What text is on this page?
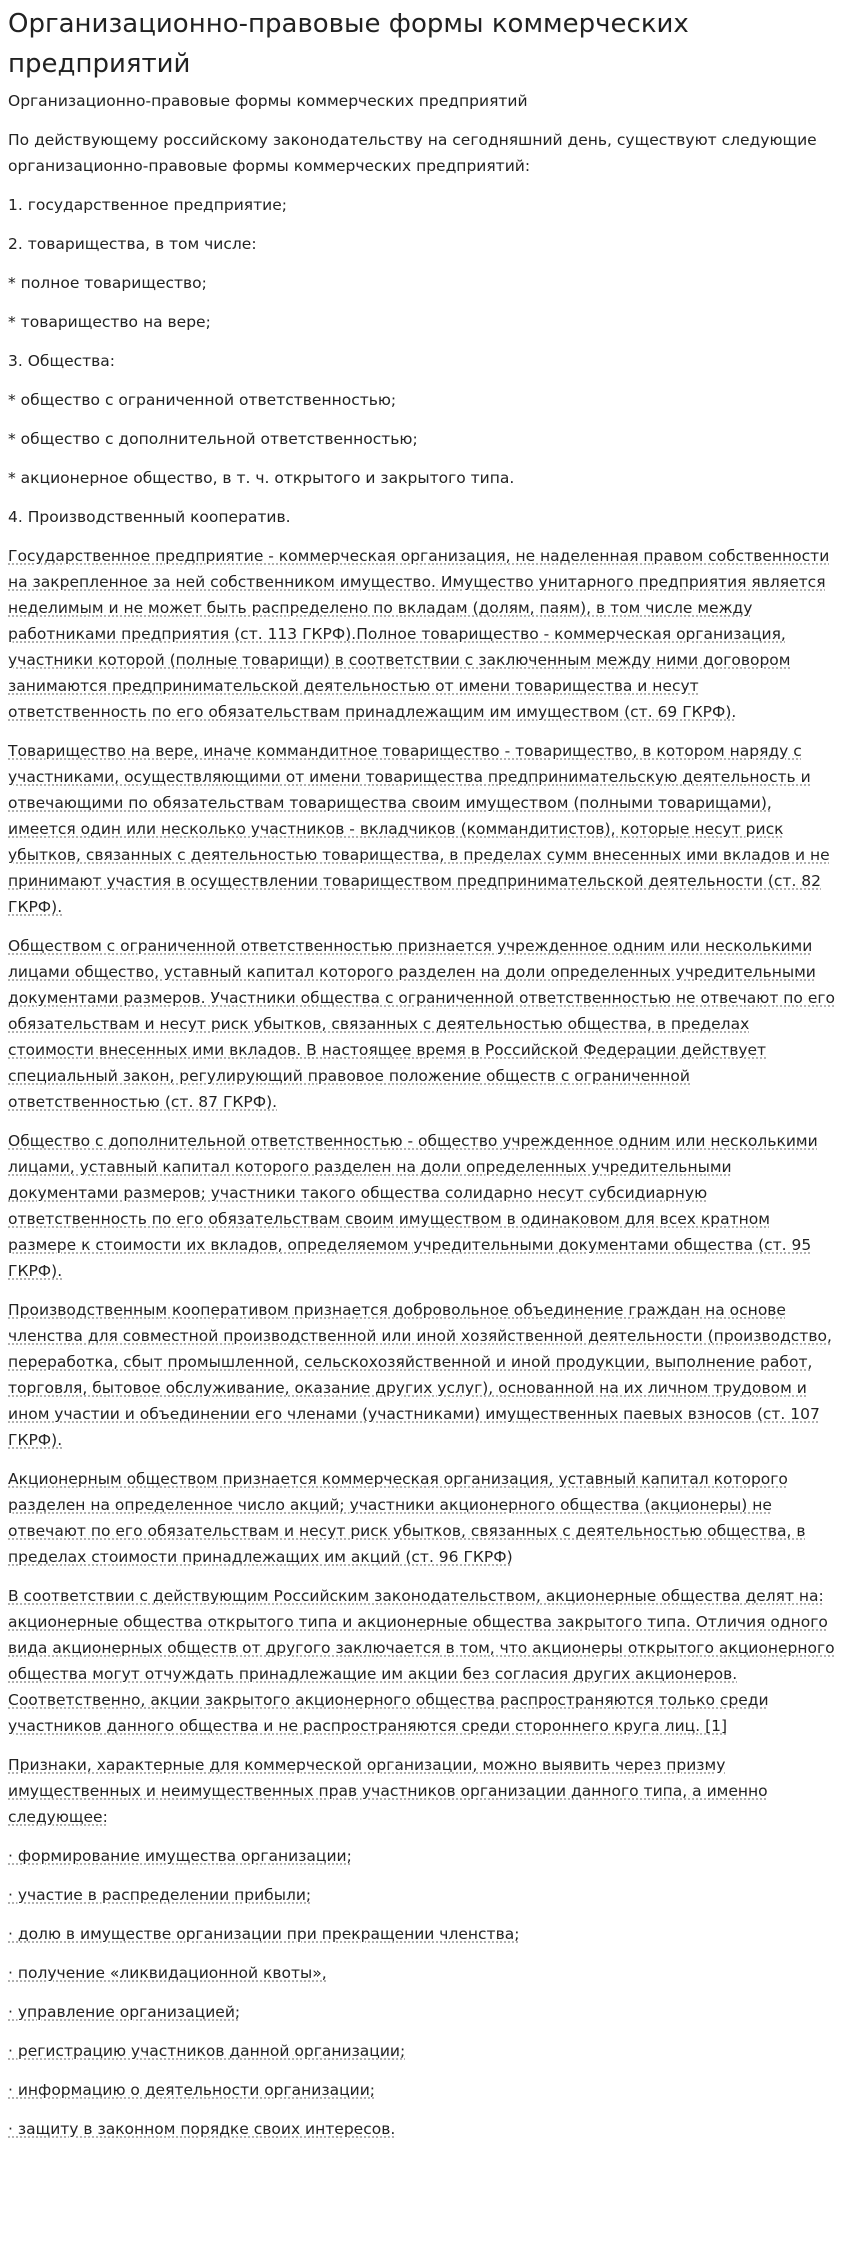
Организационно-правовые формы коммерческих предприятий

Организационно-правовые формы коммерческих предприятий

По действующему российскому законодательству на сегодняшний день, существуют следующие организационно-правовые формы коммерческих предприятий:

1. государственное предприятие;

2. товарищества, в том числе:

* полное товарищество;

* товарищество на вере;

3. Общества:

* общество с ограниченной ответственностью;

* общество с дополнительной ответственностью;

* акционерное общество, в т. ч. открытого и закрытого типа.

4. Производственный кооператив.

Государственное предприятие - коммерческая организация, не наделенная правом собственности на закрепленное за ней собственником имущество. Имущество унитарного предприятия является неделимым и не может быть распределено по вкладам (долям, паям), в том числе между работниками предприятия (ст. 113 ГКРФ).Полное товарищество - коммерческая организация, участники которой (полные товарищи) в соответствии с заключенным между ними договором занимаются предпринимательской деятельностью от имени товарищества и несут ответственность по его обязательствам принадлежащим им имуществом (ст. 69 ГКРФ).

Товарищество на вере, иначе коммандитное товарищество - товарищество, в котором наряду с участниками, осуществляющими от имени товарищества предпринимательскую деятельность и отвечающими по обязательствам товарищества своим имуществом (полными товарищами), имеется один или несколько участников - вкладчиков (коммандитистов), которые несут риск убытков, связанных с деятельностью товарищества, в пределах сумм внесенных ими вкладов и не принимают участия в осуществлении товариществом предпринимательской деятельности (ст. 82 ГКРФ).

Обществом с ограниченной ответственностью признается учрежденное одним или несколькими лицами общество, уставный капитал которого разделен на доли определенных учредительными документами размеров. Участники общества с ограниченной ответственностью не отвечают по его обязательствам и несут риск убытков, связанных с деятельностью общества, в пределах стоимости внесенных ими вкладов. В настоящее время в Российской Федерации действует специальный закон, регулирующий правовое положение обществ с ограниченной ответственностью (ст. 87 ГКРФ).

Общество с дополнительной ответственностью - общество учрежденное одним или несколькими лицами, уставный капитал которого разделен на доли определенных учредительными документами размеров; участники такого общества солидарно несут субсидиарную ответственность по его обязательствам своим имуществом в одинаковом для всех кратном размере к стоимости их вкладов, определяемом учредительными документами общества (ст. 95 ГКРФ).

Производственным кооперативом признается добровольное объединение граждан на основе членства для совместной производственной или иной хозяйственной деятельности (производство, переработка, сбыт промышленной, сельскохозяйственной и иной продукции, выполнение работ, торговля, бытовое обслуживание, оказание других услуг), основанной на их личном трудовом и ином участии и объединении его членами (участниками) имущественных паевых взносов (ст. 107 ГКРФ).

Акционерным обществом признается коммерческая организация, уставный капитал которого разделен на определенное число акций; участники акционерного общества (акционеры) не отвечают по его обязательствам и несут риск убытков, связанных с деятельностью общества, в пределах стоимости принадлежащих им акций (ст. 96 ГКРФ)

В соответствии с действующим Российским законодательством, акционерные общества делят на: акционерные общества открытого типа и акционерные общества закрытого типа. Отличия одного вида акционерных обществ от другого заключается в том, что акционеры открытого акционерного общества могут отчуждать принадлежащие им акции без согласия других акционеров. Соответственно, акции закрытого акционерного общества распространяются только среди участников данного общества и не распространяются среди стороннего круга лиц. [1]

Признаки, характерные для коммерческой организации, можно выявить через призму имущественных и неимущественных прав участников организации данного типа, а именно следующее:

· формирование имущества организации;

· участие в распределении прибыли;

· долю в имуществе организации при прекращении членства;

· получение «ликвидационной квоты»,

· управление организацией;

· регистрацию участников данной организации;

· информацию о деятельности организации;

· защиту в законном порядке своих интересов.
